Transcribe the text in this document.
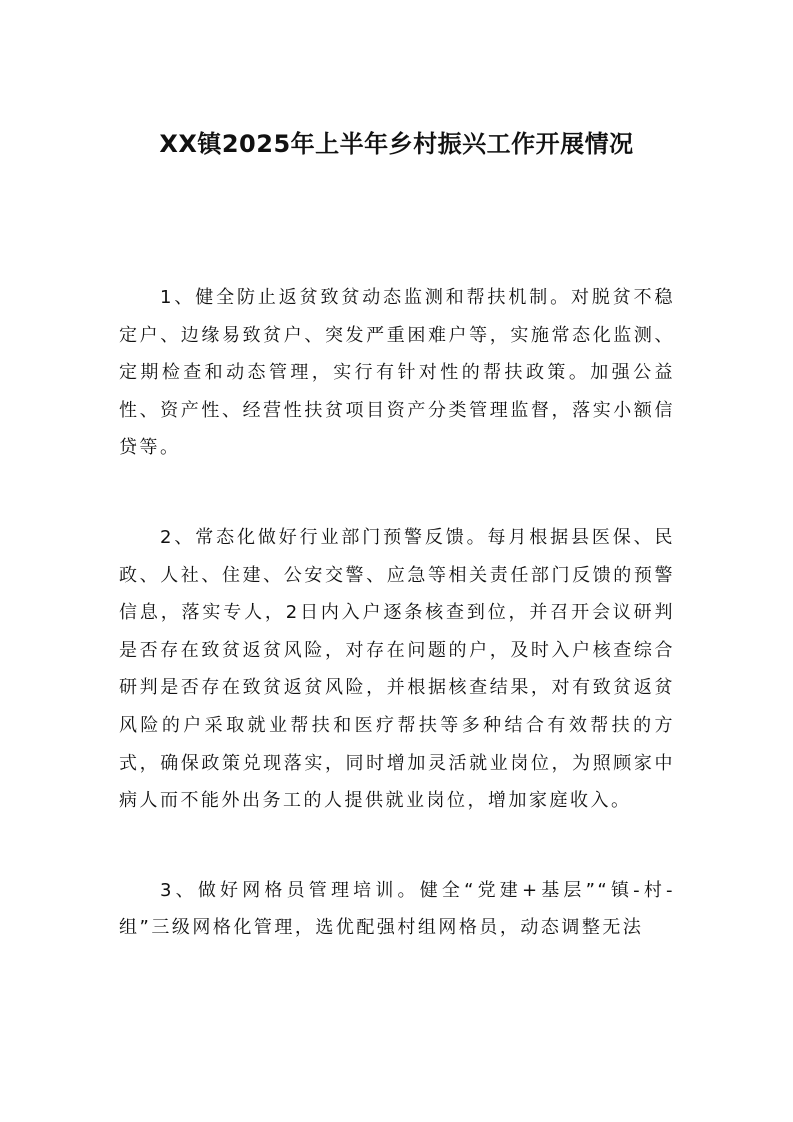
XX镇2025年上半年乡村振兴工作开展情况

1、健全防止返贫致贫动态监测和帮扶机制。对脱贫不稳定户、边缘易致贫户、突发严重困难户等，实施常态化监测、定期检查和动态管理，实行有针对性的帮扶政策。加强公益性、资产性、经营性扶贫项目资产分类管理监督，落实小额信贷等。

2、常态化做好行业部门预警反馈。每月根据县医保、民政、人社、住建、公安交警、应急等相关责任部门反馈的预警信息，落实专人，2日内入户逐条核查到位，并召开会议研判是否存在致贫返贫风险，对存在问题的户，及时入户核查综合研判是否存在致贫返贫风险，并根据核查结果，对有致贫返贫风险的户采取就业帮扶和医疗帮扶等多种结合有效帮扶的方式，确保政策兑现落实，同时增加灵活就业岗位，为照顾家中病人而不能外出务工的人提供就业岗位，增加家庭收入。

3、做好网格员管理培训。健全“党建+基层”“镇-村-组”三级网格化管理，选优配强村组网格员，动态调整无法
